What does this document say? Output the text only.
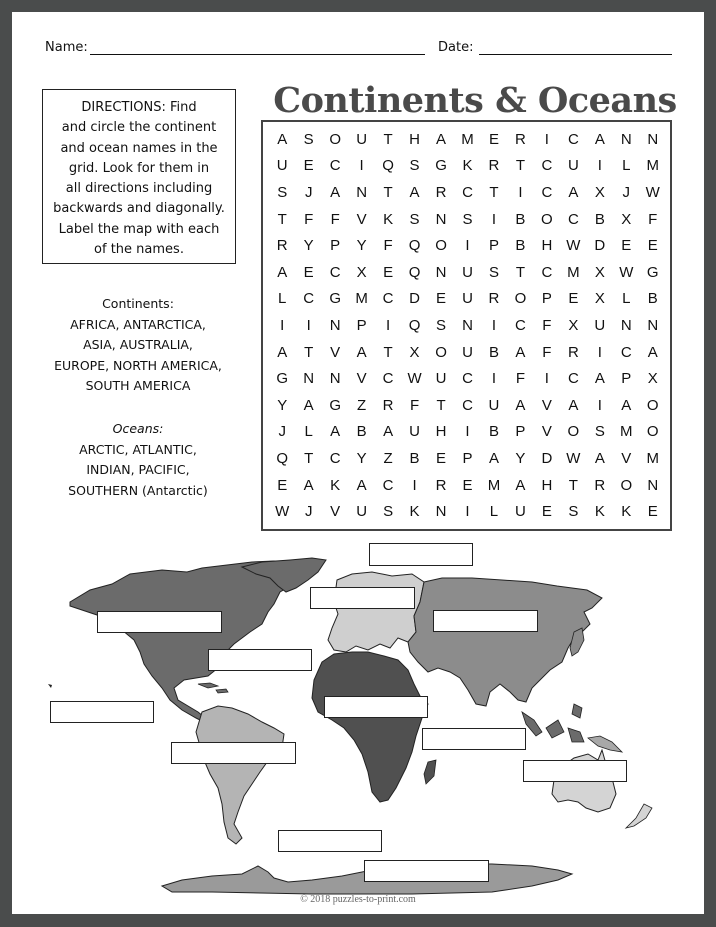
Name:	Date:
Continents & Oceans
DIRECTIONS: Find
and circle the continent
and ocean names in the
grid. Look for them in
all directions including
backwards and diagonally.
Label the map with each
of the names.
Continents:
AFRICA, ANTARCTICA,
ASIA, AUSTRALIA,
EUROPE, NORTH AMERICA,
SOUTH AMERICA
Oceans:
ARCTIC, ATLANTIC,
INDIAN, PACIFIC,
SOUTHERN (Antarctic)
A	S	O	U	T	H	A	M	E	R	I	C	A	N	N
U	E	C	I	Q	S	G	K	R	T	C	U	I	L	M
S	J	A	N	T	A	R	C	T	I	C	A	X	J	W
T	F	F	V	K	S	N	S	I	B	O	C	B	X	F
R	Y	P	Y	F	Q O	I	P	B	H W D	E	E
A	E	C	X	E	Q	N	U	S	T	C M	X W G
L	C	G M C	D	E	U	R	O	P	E	X	L	B
I	I	N	P	I	Q	S	N	I	C	F	X	U	N	N
A	T	V	A	T	X	O	U	B	A	F	R	I	C	A
G	N	N	V	C W U	C	I	F	I	C	A	P	X
Y	A	G	Z	R	F	T	C	U	A	V	A	I	A	O
J	L	A	B	A	U	H	I	B	P	V	O	S	M O
Q	T	C	Y	Z	B	E	P	A	Y	D W A	V	M
E	A	K	A	C	I	R	E	M	A	H	T	R	O	N
W	J	V	U	S	K	N	I	L	U	E	S	K	K	E
© 2018 puzzles-to-print.com
